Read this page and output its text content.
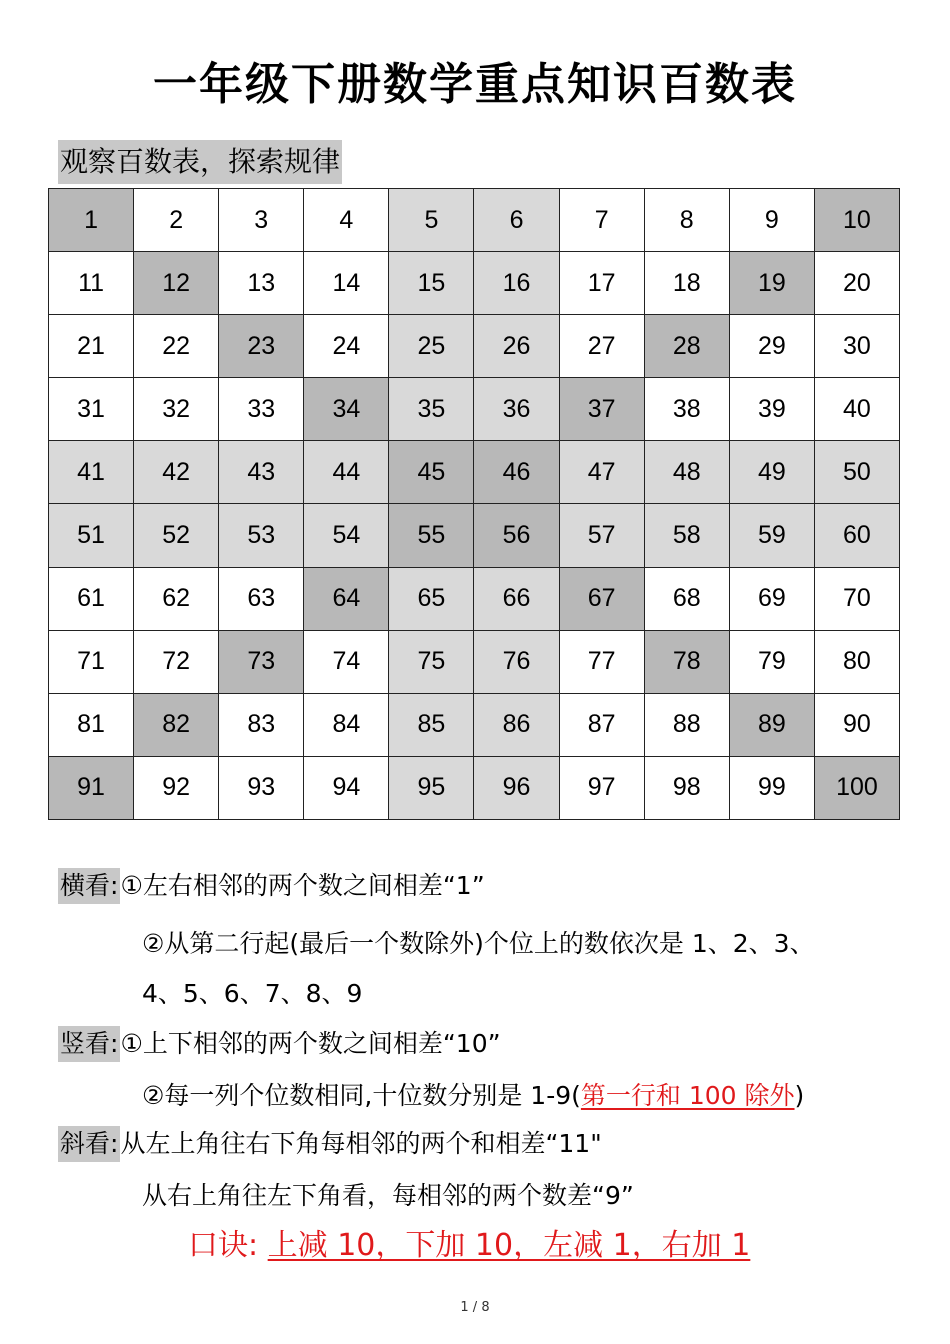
一年级下册数学重点知识百数表
观察百数表，探索规律
1	2	3	4	5	6	7	8	9	10
11	12	13	14	15	16	17	18	19	20
21	22	23	24	25	26	27	28	29	30
31	32	33	34	35	36	37	38	39	40
41	42	43	44	45	46	47	48	49	50
51	52	53	54	55	56	57	58	59	60
61	62	63	64	65	66	67	68	69	70
71	72	73	74	75	76	77	78	79	80
81	82	83	84	85	86	87	88	89	90
91	92	93	94	95	96	97	98	99	100
横看:①左右相邻的两个数之间相差“1”
②从第二行起(最后一个数除外)个位上的数依次是 1、2、3、
4、5、6、7、8、9
竖看:①上下相邻的两个数之间相差“10”
②每一列个位数相同,十位数分别是 1-9(第一行和 100 除外)
斜看:从左上角往右下角每相邻的两个和相差“11"
从右上角往左下角看，每相邻的两个数差“9”
口诀: 上减 10，下加 10，左减 1，右加 1
1 / 8
